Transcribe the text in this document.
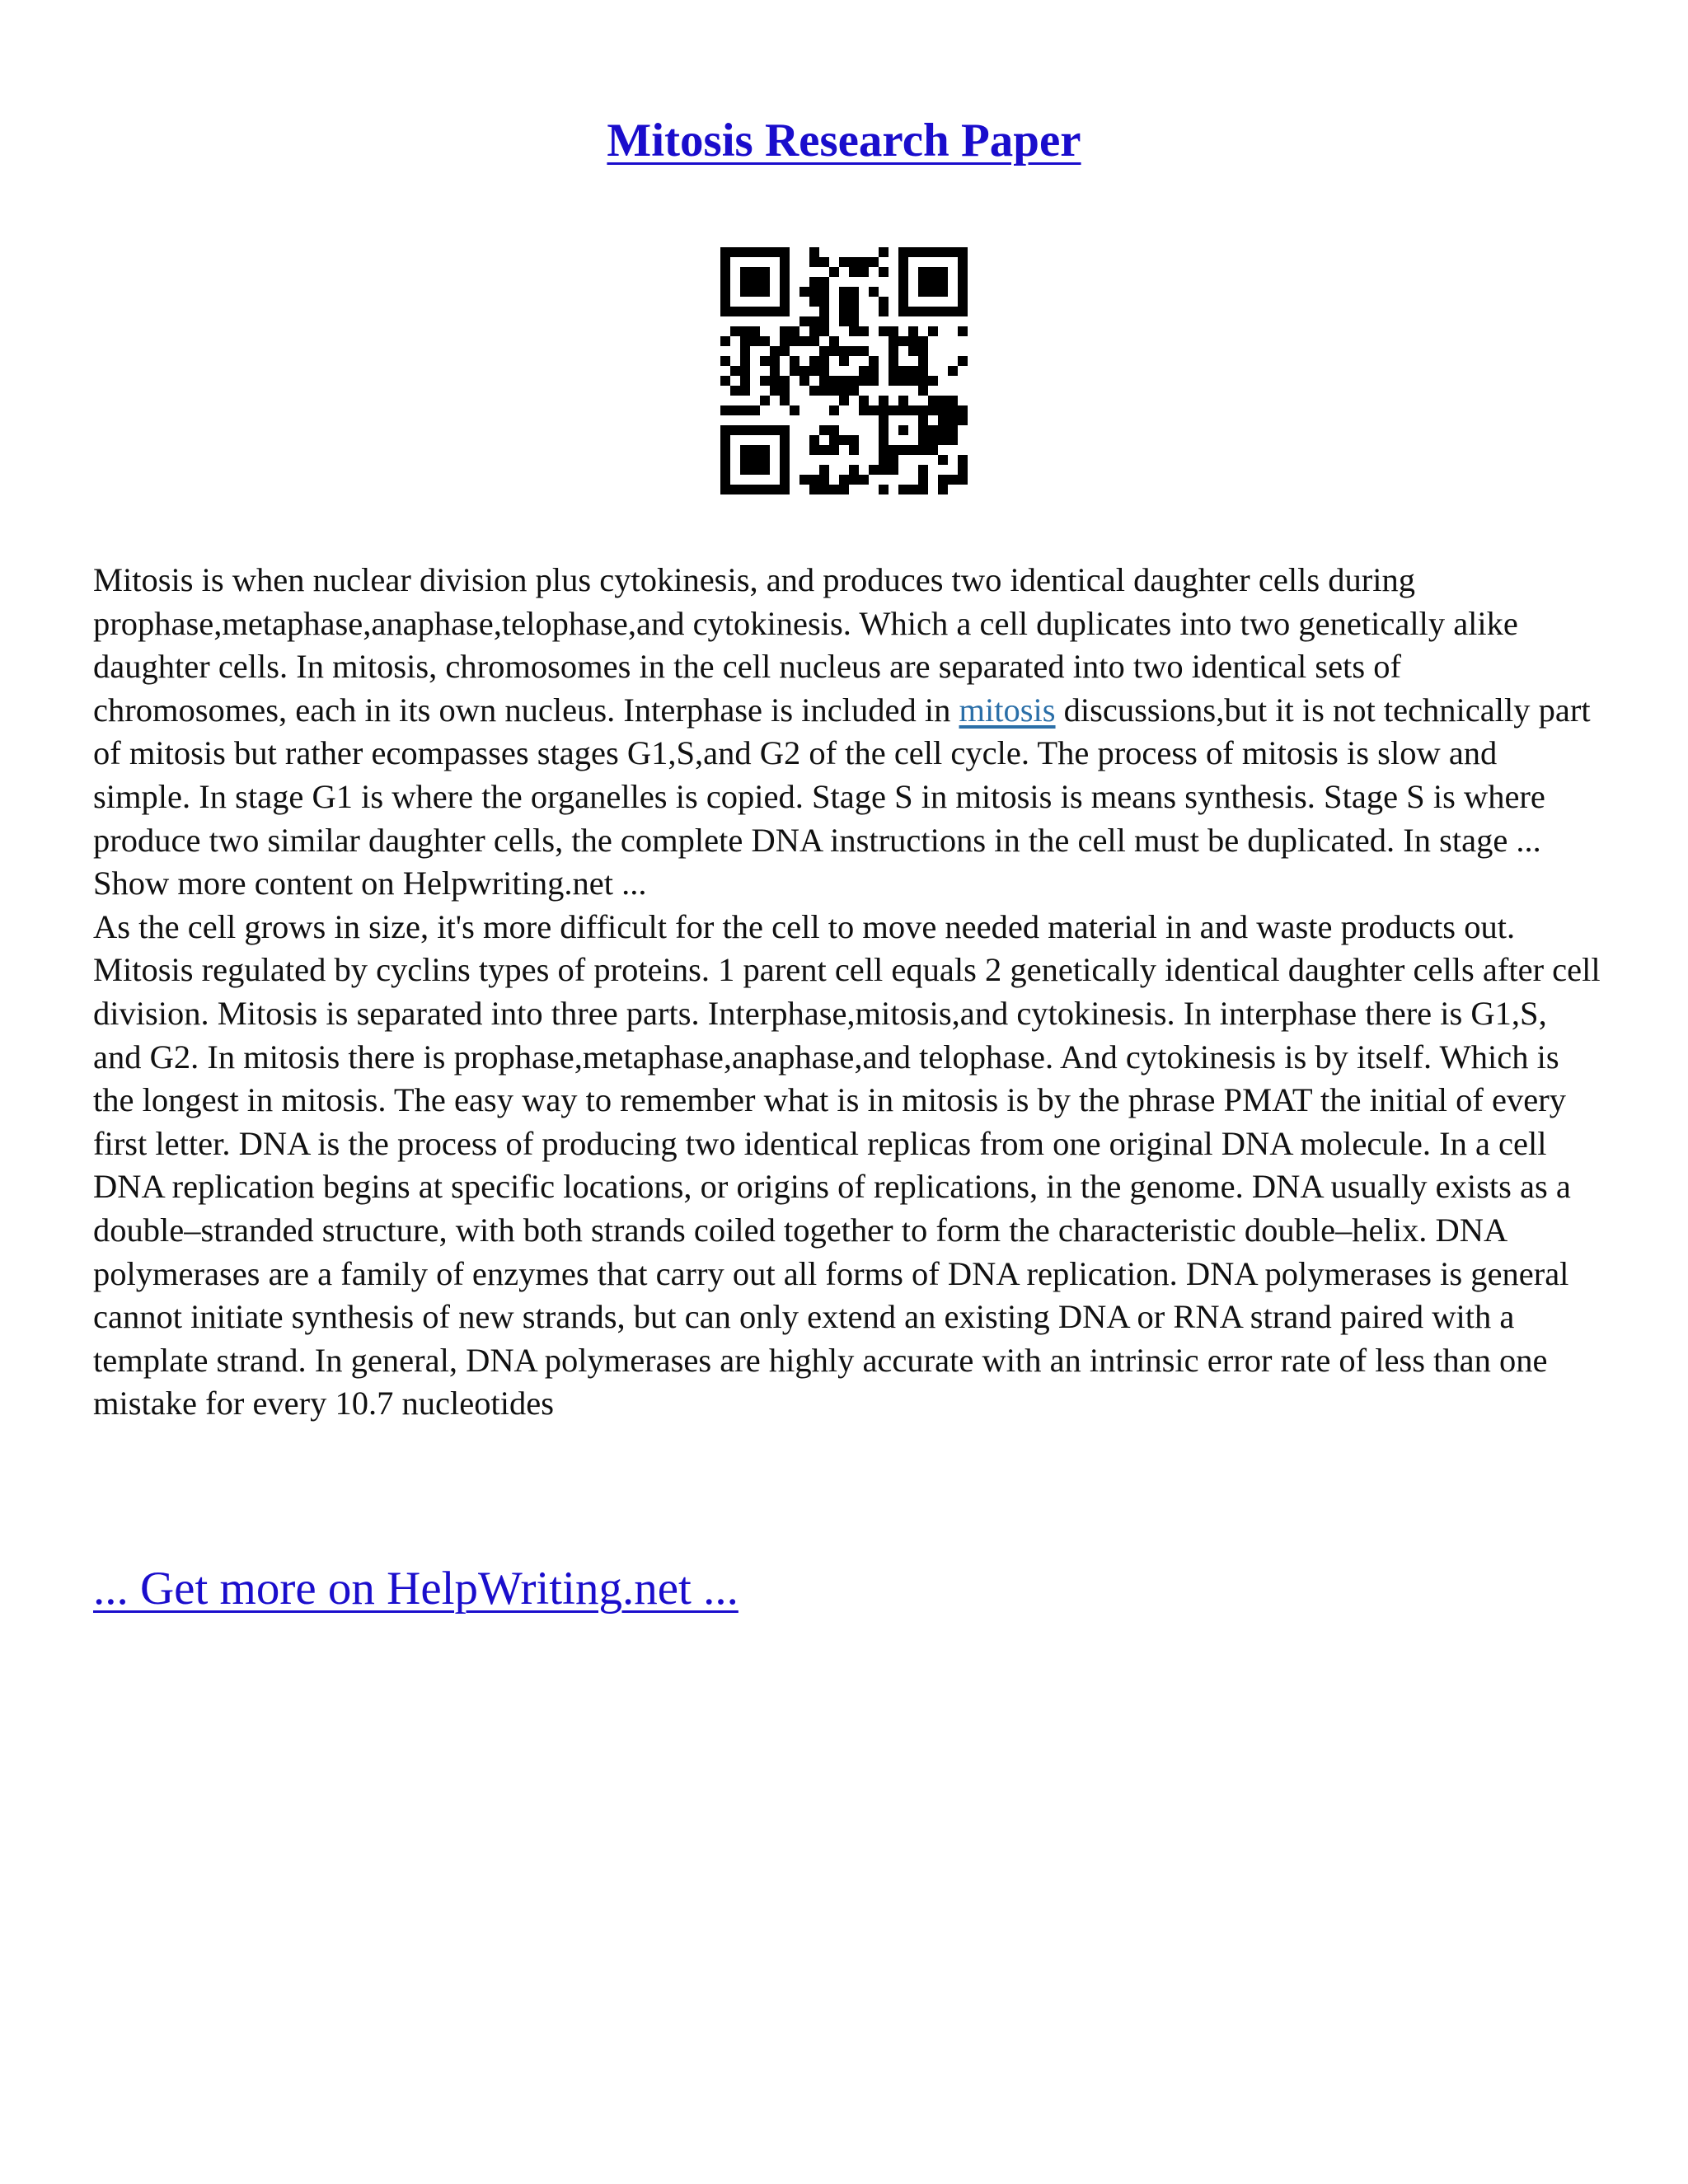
Mitosis Research Paper

Mitosis is when nuclear division plus cytokinesis, and produces two identical daughter cells during prophase,metaphase,anaphase,telophase,and cytokinesis. Which a cell duplicates into two genetically alike daughter cells. In mitosis, chromosomes in the cell nucleus are separated into two identical sets of chromosomes, each in its own nucleus. Interphase is included in mitosis discussions,but it is not technically part of mitosis but rather ecompasses stages G1,S,and G2 of the cell cycle. The process of mitosis is slow and simple. In stage G1 is where the organelles is copied. Stage S in mitosis is means synthesis. Stage S is where produce two similar daughter cells, the complete DNA instructions in the cell must be duplicated. In stage ... Show more content on Helpwriting.net ...

As the cell grows in size, it's more difficult for the cell to move needed material in and waste products out. Mitosis regulated by cyclins types of proteins. 1 parent cell equals 2 genetically identical daughter cells after cell division. Mitosis is separated into three parts. Interphase,mitosis,and cytokinesis. In interphase there is G1,S, and G2. In mitosis there is prophase,metaphase,anaphase,and telophase. And cytokinesis is by itself. Which is the longest in mitosis. The easy way to remember what is in mitosis is by the phrase PMAT the initial of every first letter. DNA is the process of producing two identical replicas from one original DNA molecule. In a cell DNA replication begins at specific locations, or origins of replications, in the genome. DNA usually exists as a double–stranded structure, with both strands coiled together to form the characteristic double–helix. DNA polymerases are a family of enzymes that carry out all forms of DNA replication. DNA polymerases is general cannot initiate synthesis of new strands, but can only extend an existing DNA or RNA strand paired with a template strand. In general, DNA polymerases are highly accurate with an intrinsic error rate of less than one mistake for every 10.7 nucleotides

... Get more on HelpWriting.net ...
